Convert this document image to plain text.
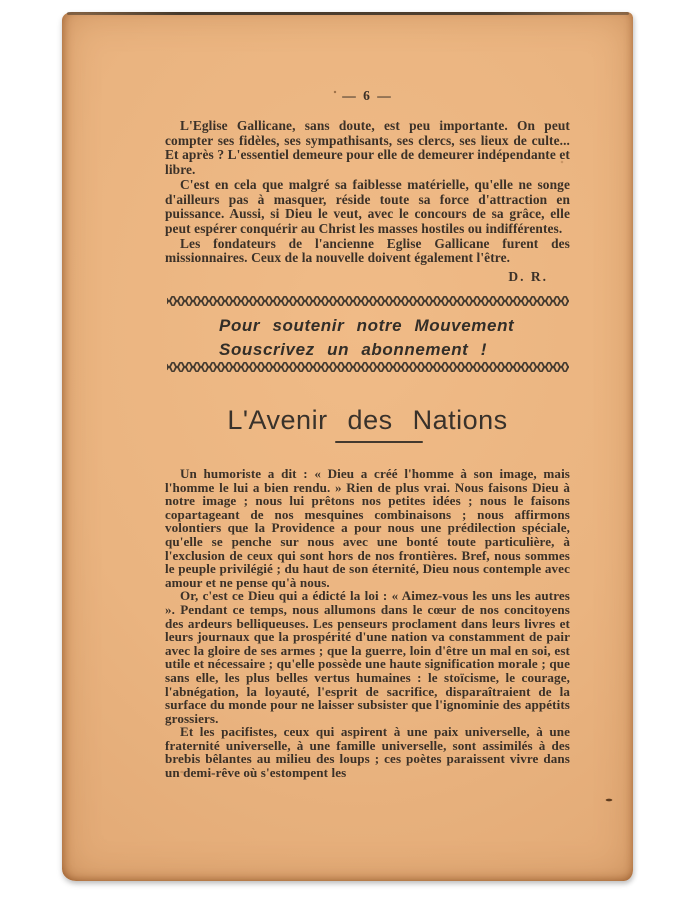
— 6 —

L'Eglise Gallicane, sans doute, est peu importante. On peut compter ses fidèles, ses sympathisants, ses clercs, ses lieux de culte... Et après ? L'essentiel demeure pour elle de demeurer indépendante et libre.

C'est en cela que malgré sa faiblesse matérielle, qu'elle ne songe d'ailleurs pas à masquer, réside toute sa force d'attraction en puissance. Aussi, si Dieu le veut, avec le concours de sa grâce, elle peut espérer conquérir au Christ les masses hostiles ou indifférentes.

Les fondateurs de l'ancienne Eglise Gallicane furent des missionnaires. Ceux de la nouvelle doivent également l'être.

D. R.
Pour soutenir notre Mouvement
Souscrivez un abonnement !
L'Avenir des Nations

Un humoriste a dit : « Dieu a créé l'homme à son image, mais l'homme le lui a bien rendu. » Rien de plus vrai. Nous faisons Dieu à notre image ; nous lui prêtons nos petites idées ; nous le faisons copartageant de nos mesquines combinaisons ; nous affirmons volontiers que la Providence a pour nous une prédilection spéciale, qu'elle se penche sur nous avec une bonté toute particulière, à l'exclusion de ceux qui sont hors de nos frontières. Bref, nous sommes le peuple privilégié ; du haut de son éternité, Dieu nous contemple avec amour et ne pense qu'à nous.

Or, c'est ce Dieu qui a édicté la loi : « Aimez-vous les uns les autres ». Pendant ce temps, nous allumons dans le cœur de nos concitoyens des ardeurs belliqueuses. Les penseurs proclament dans leurs livres et leurs journaux que la prospérité d'une nation va constamment de pair avec la gloire de ses armes ; que la guerre, loin d'être un mal en soi, est utile et nécessaire ; qu'elle possède une haute signification morale ; que sans elle, les plus belles vertus humaines : le stoïcisme, le courage, l'abnégation, la loyauté, l'esprit de sacrifice, disparaîtraient de la surface du monde pour ne laisser subsister que l'ignominie des appétits grossiers.

Et les pacifistes, ceux qui aspirent à une paix universelle, à une fraternité universelle, à une famille universelle, sont assimilés à des brebis bêlantes au milieu des loups ; ces poètes paraissent vivre dans un demi-rêve où s'estompent les
